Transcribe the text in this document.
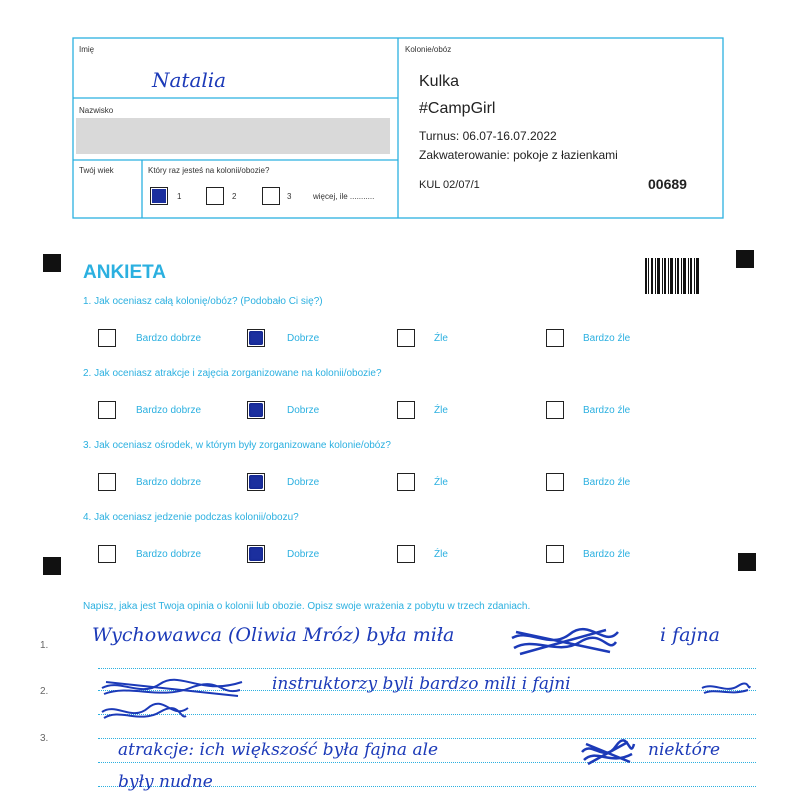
Imię
Natalia
Nazwisko
Twój wiek	Który raz jesteś na kolonii/obozie?
1	2	3	więcej, ile ...........
Kolonie/obóz
Kulka
#CampGirl
Turnus: 06.07-16.07.2022
Zakwaterowanie: pokoje z łazienkami
KUL 02/07/1	00689
ANKIETA
1. Jak oceniasz całą kolonię/obóz? (Podobało Ci się?)
Bardzo dobrze	Dobrze	Źle	Bardzo źle
2. Jak oceniasz atrakcje i zajęcia zorganizowane na kolonii/obozie?
Bardzo dobrze	Dobrze	Źle	Bardzo źle
3. Jak oceniasz ośrodek, w którym były zorganizowane kolonie/obóz?
Bardzo dobrze	Dobrze	Źle	Bardzo źle
4. Jak oceniasz jedzenie podczas kolonii/obozu?
Bardzo dobrze	Dobrze	Źle	Bardzo źle
Napisz, jaka jest Twoja opinia o kolonii lub obozie. Opisz swoje wrażenia z pobytu w trzech zdaniach.
1.
2.
3.
Wychowawca (Oliwia Mróz) była miła	i fajna
instruktorzy byli bardzo mili i fajni
atrakcje: ich większość była fajna ale	niektóre
były nudne
